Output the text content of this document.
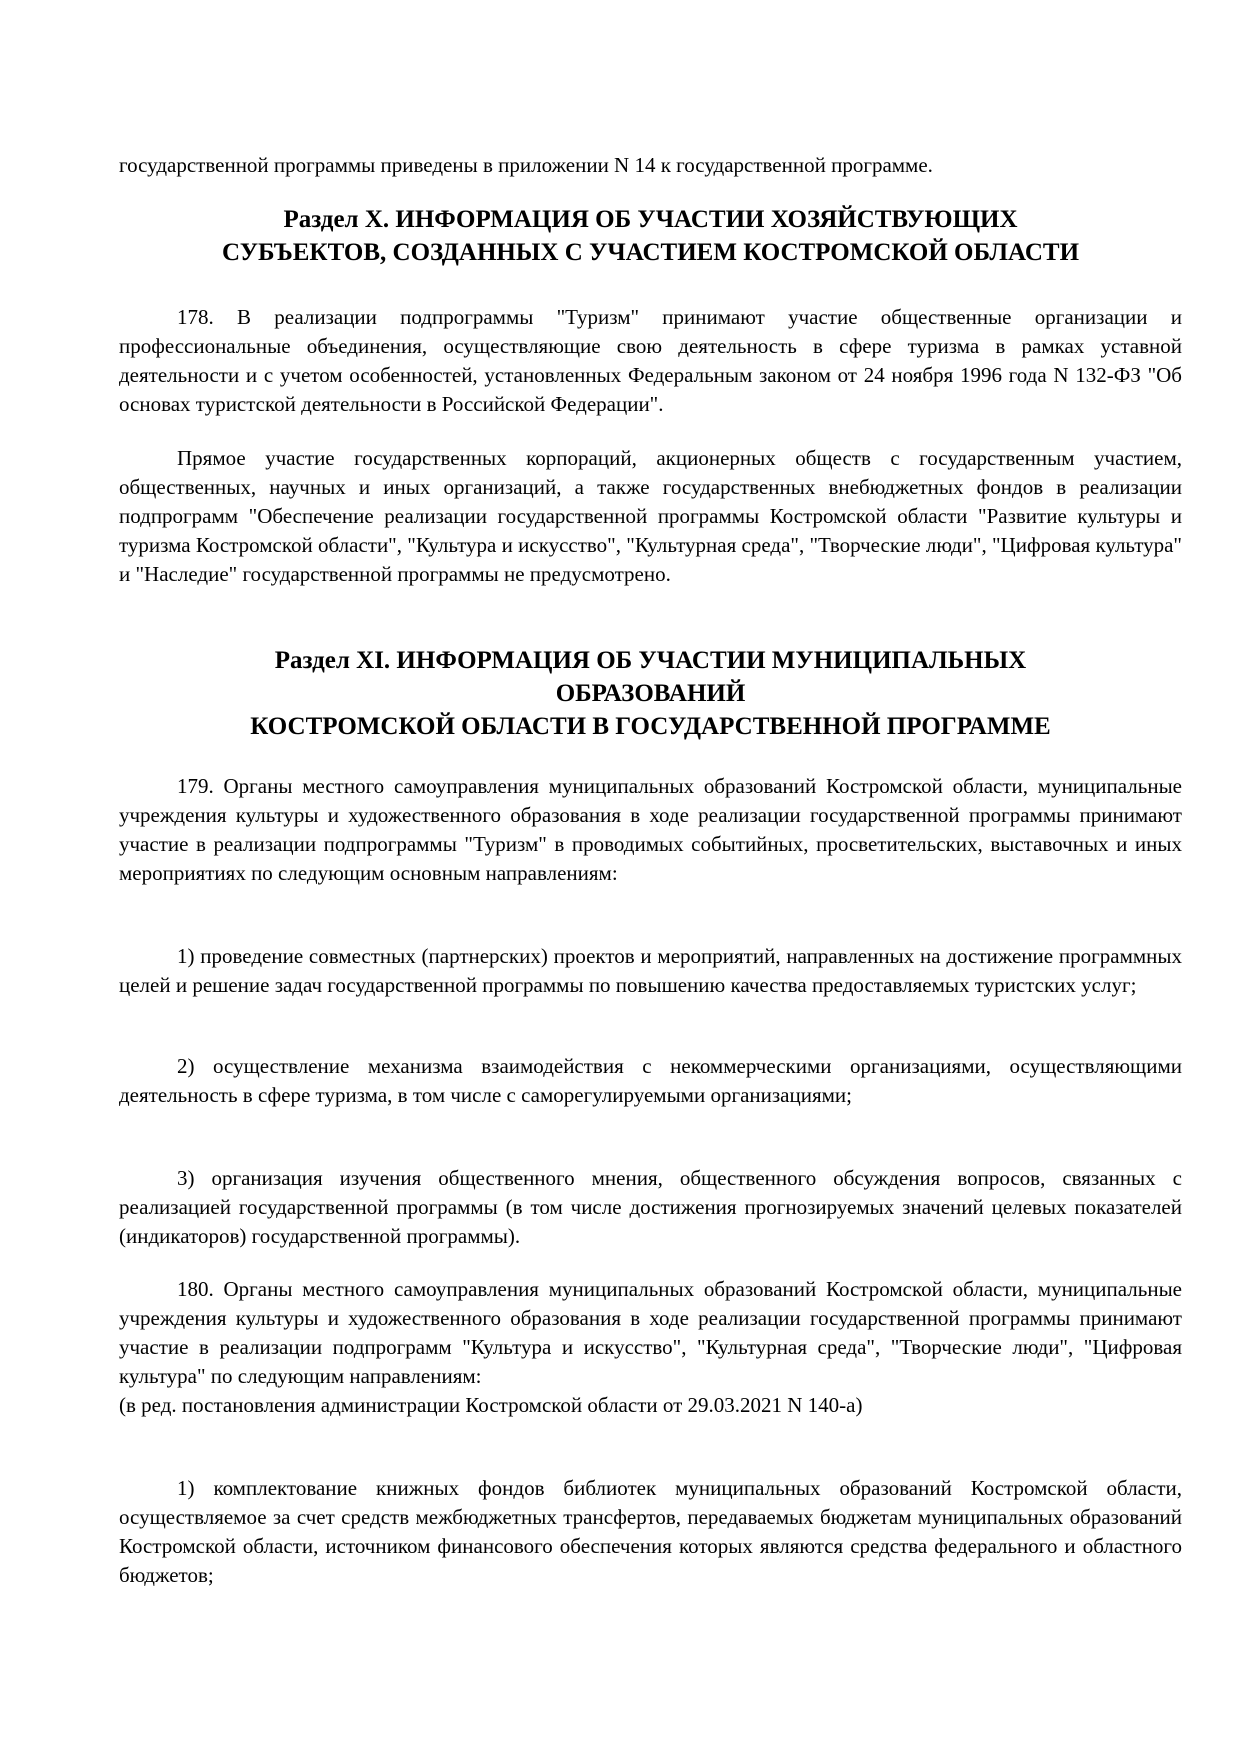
государственной программы приведены в приложении N 14 к государственной программе.

Раздел X. ИНФОРМАЦИЯ ОБ УЧАСТИИ ХОЗЯЙСТВУЮЩИХ
СУБЪЕКТОВ, СОЗДАННЫХ С УЧАСТИЕМ КОСТРОМСКОЙ ОБЛАСТИ

178. В реализации подпрограммы "Туризм" принимают участие общественные организации и профессиональные объединения, осуществляющие свою деятельность в сфере туризма в рамках уставной деятельности и с учетом особенностей, установленных Федеральным законом от 24 ноября 1996 года N 132-ФЗ "Об основах туристской деятельности в Российской Федерации".

Прямое участие государственных корпораций, акционерных обществ с государственным участием, общественных, научных и иных организаций, а также государственных внебюджетных фондов в реализации подпрограмм "Обеспечение реализации государственной программы Костромской области "Развитие культуры и туризма Костромской области", "Культура и искусство", "Культурная среда", "Творческие люди", "Цифровая культура" и "Наследие" государственной программы не предусмотрено.

Раздел XI. ИНФОРМАЦИЯ ОБ УЧАСТИИ МУНИЦИПАЛЬНЫХ
ОБРАЗОВАНИЙ
КОСТРОМСКОЙ ОБЛАСТИ В ГОСУДАРСТВЕННОЙ ПРОГРАММЕ

179. Органы местного самоуправления муниципальных образований Костромской области, муниципальные учреждения культуры и художественного образования в ходе реализации государственной программы принимают участие в реализации подпрограммы "Туризм" в проводимых событийных, просветительских, выставочных и иных мероприятиях по следующим основным направлениям:

1) проведение совместных (партнерских) проектов и мероприятий, направленных на достижение программных целей и решение задач государственной программы по повышению качества предоставляемых туристских услуг;

2) осуществление механизма взаимодействия с некоммерческими организациями, осуществляющими деятельность в сфере туризма, в том числе с саморегулируемыми организациями;

3) организация изучения общественного мнения, общественного обсуждения вопросов, связанных с реализацией государственной программы (в том числе достижения прогнозируемых значений целевых показателей (индикаторов) государственной программы).

180. Органы местного самоуправления муниципальных образований Костромской области, муниципальные учреждения культуры и художественного образования в ходе реализации государственной программы принимают участие в реализации подпрограмм "Культура и искусство", "Культурная среда", "Творческие люди", "Цифровая культура" по следующим направлениям:

(в ред. постановления администрации Костромской области от 29.03.2021 N 140-а)

1) комплектование книжных фондов библиотек муниципальных образований Костромской области, осуществляемое за счет средств межбюджетных трансфертов, передаваемых бюджетам муниципальных образований Костромской области, источником финансового обеспечения которых являются средства федерального и областного бюджетов;
